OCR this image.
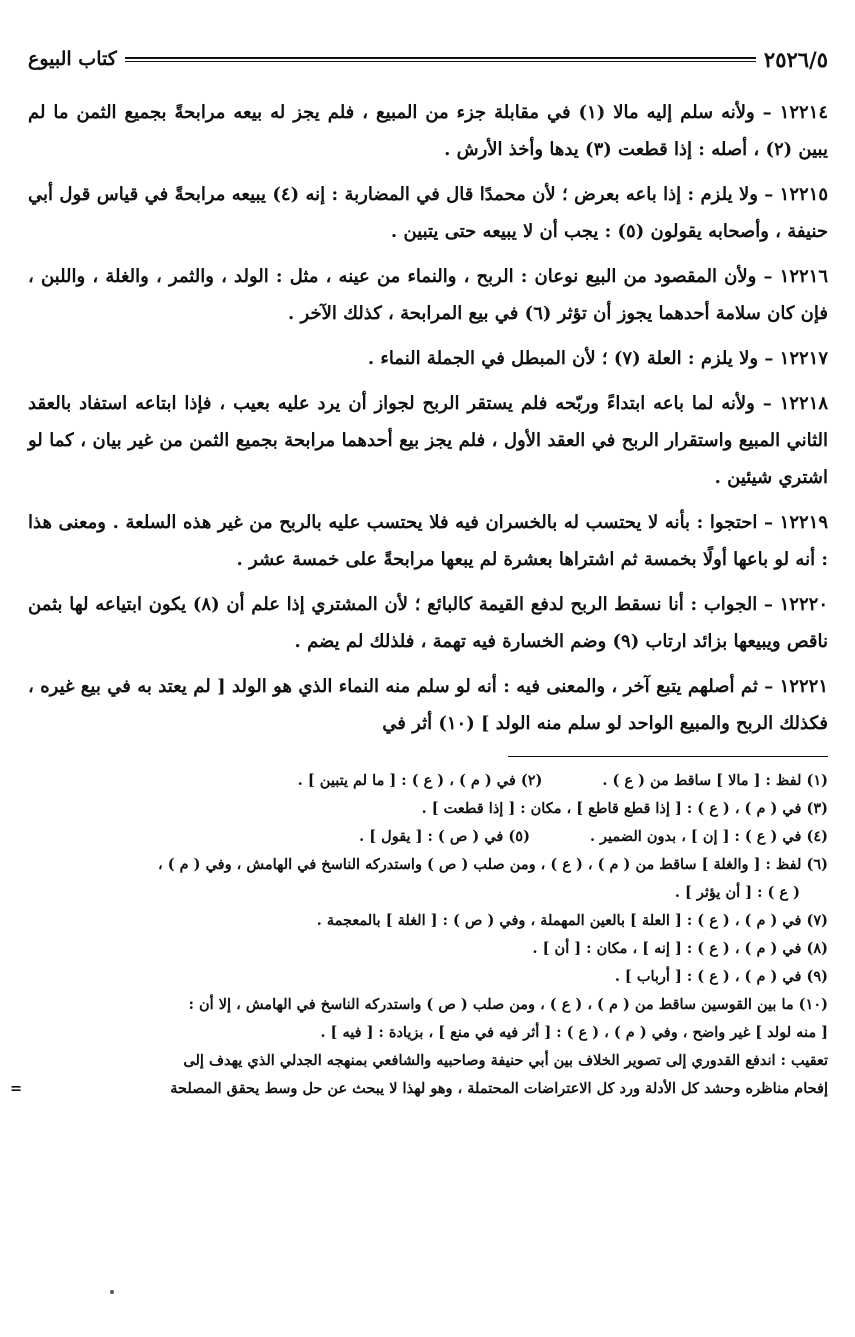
٢٥٢٦/٥
كتاب البيوع

١٢٢١٤ – ولأنه سلم إليه مالا (١) في مقابلة جزء من المبيع ، فلم يجز له بيعه مرابحةً بجميع الثمن ما لم يبين (٢) ، أصله : إذا قطعت (٣) يدها وأخذ الأرش .

١٢٢١٥ – ولا يلزم : إذا باعه بعرض ؛ لأن محمدًا قال في المضاربة : إنه (٤) يبيعه مرابحةً في قياس قول أبي حنيفة ، وأصحابه يقولون (٥) : يجب أن لا يبيعه حتى يتبين .

١٢٢١٦ – ولأن المقصود من البيع نوعان : الربح ، والنماء من عينه ، مثل : الولد ، والثمر ، والغلة ، واللبن ، فإن كان سلامة أحدهما يجوز أن تؤثر (٦) في بيع المرابحة ، كذلك الآخر .

١٢٢١٧ – ولا يلزم : العلة (٧) ؛ لأن المبطل في الجملة النماء .

١٢٢١٨ – ولأنه لما باعه ابتداءً وربّحه فلم يستقر الربح لجواز أن يرد عليه بعيب ، فإذا ابتاعه استفاد بالعقد الثاني المبيع واستقرار الربح في العقد الأول ، فلم يجز بيع أحدهما مرابحة بجميع الثمن من غير بيان ، كما لو اشتري شيئين .

١٢٢١٩ – احتجوا : بأنه لا يحتسب له بالخسران فيه فلا يحتسب عليه بالربح من غير هذه السلعة . ومعنى هذا : أنه لو باعها أولًا بخمسة ثم اشتراها بعشرة لم يبعها مرابحةً على خمسة عشر .

١٢٢٢٠ – الجواب : أنا نسقط الربح لدفع القيمة كالبائع ؛ لأن المشتري إذا علم أن (٨) يكون ابتياعه لها بثمن ناقص ويبيعها بزائد ارتاب (٩) وضم الخسارة فيه تهمة ، فلذلك لم يضم .

١٢٢٢١ – ثم أصلهم يتبع آخر ، والمعنى فيه : أنه لو سلم منه النماء الذي هو الولد [ لم يعتد به في بيع غيره ، فكذلك الربح والمبيع الواحد لو سلم منه الولد ] (١٠) أثر في

(١) لفظ : [ مالا ] ساقط من ( ع ) .

(٢) في ( م ) ، ( ع ) : [ ما لم يتبين ] .

(٣) في ( م ) ، ( ع ) : [ إذا قطع قاطع ] ، مكان : [ إذا قطعت ] .

(٤) في ( ع ) : [ إن ] ، بدون الضمير .

(٥) في ( ص ) : [ يقول ] .

(٦) لفظ : [ والغلة ] ساقط من ( م ) ، ( ع ) ، ومن صلب ( ص ) واستدركه الناسخ في الهامش ، وفي ( م ) ،

( ع ) : [ أن يؤثر ] .

(٧) في ( م ) ، ( ع ) : [ العلة ] بالعين المهملة ، وفي ( ص ) : [ الغلة ] بالمعجمة .

(٨) في ( م ) ، ( ع ) : [ إنه ] ، مكان : [ أن ] .

(٩) في ( م ) ، ( ع ) : [ أرباب ] .

(١٠) ما بين القوسين ساقط من ( م ) ، ( ع ) ، ومن صلب ( ص ) واستدركه الناسخ في الهامش ، إلا أن :

[ منه لولد ] غير واضح ، وفي ( م ) ، ( ع ) : [ أثر فيه في منع ] ، بزيادة : [ فيه ] .

تعقيب : اندفع القدوري إلى تصوير الخلاف بين أبي حنيفة وصاحبيه والشافعي بمنهجه الجدلي الذي يهدف إلى

إفحام مناظره وحشد كل الأدلة ورد كل الاعتراضات المحتملة ، وهو لهذا لا يبحث عن حل وسط يحقق المصلحة

=
